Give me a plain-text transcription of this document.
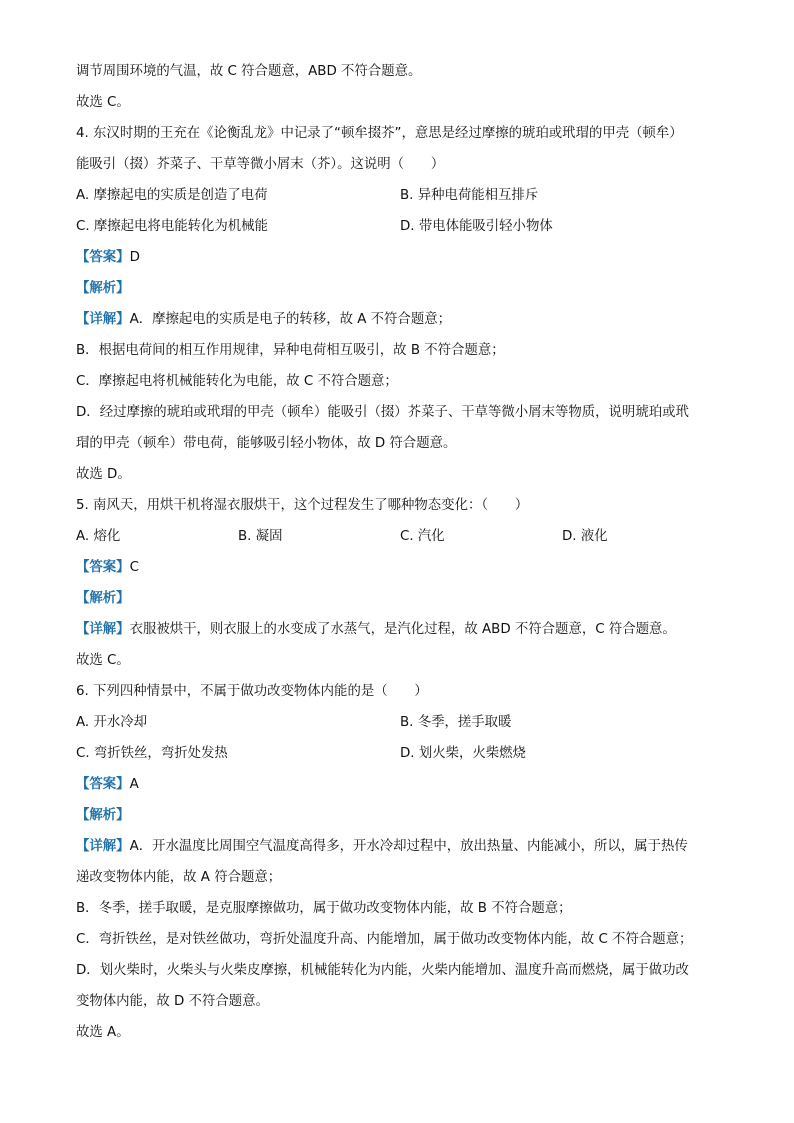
调节周围环境的气温，故 C 符合题意，ABD 不符合题意。
故选 C。
4. 东汉时期的王充在《论衡乱龙》中记录了“顿牟掇芥”，意思是经过摩擦的琥珀或玳瑁的甲壳（顿牟）
能吸引（掇）芥菜子、干草等微小屑末（芥）。这说明（　　）
A. 摩擦起电的实质是创造了电荷	B. 异种电荷能相互排斥
C. 摩擦起电将电能转化为机械能	D. 带电体能吸引轻小物体
【答案】D
【解析】
【详解】A．摩擦起电的实质是电子的转移，故 A 不符合题意；
B．根据电荷间的相互作用规律，异种电荷相互吸引，故 B 不符合题意；
C．摩擦起电将机械能转化为电能，故 C 不符合题意；
D．经过摩擦的琥珀或玳瑁的甲壳（顿牟）能吸引（掇）芥菜子、干草等微小屑末等物质，说明琥珀或玳
瑁的甲壳（顿牟）带电荷，能够吸引轻小物体，故 D 符合题意。
故选 D。
5. 南风天，用烘干机将湿衣服烘干，这个过程发生了哪种物态变化：（　　）
A. 熔化	B. 凝固	C. 汽化	D. 液化
【答案】C
【解析】
【详解】衣服被烘干，则衣服上的水变成了水蒸气，是汽化过程，故 ABD 不符合题意，C 符合题意。
故选 C。
6. 下列四种情景中，不属于做功改变物体内能的是（　　）
A. 开水冷却	B. 冬季，搓手取暖
C. 弯折铁丝，弯折处发热	D. 划火柴，火柴燃烧
【答案】A
【解析】
【详解】A．开水温度比周围空气温度高得多，开水冷却过程中，放出热量、内能减小，所以，属于热传
递改变物体内能，故 A 符合题意；
B．冬季，搓手取暖，是克服摩擦做功，属于做功改变物体内能，故 B 不符合题意；
C．弯折铁丝，是对铁丝做功，弯折处温度升高、内能增加，属于做功改变物体内能，故 C 不符合题意；
D．划火柴时，火柴头与火柴皮摩擦，机械能转化为内能，火柴内能增加、温度升高而燃烧，属于做功改
变物体内能，故 D 不符合题意。
故选 A。
